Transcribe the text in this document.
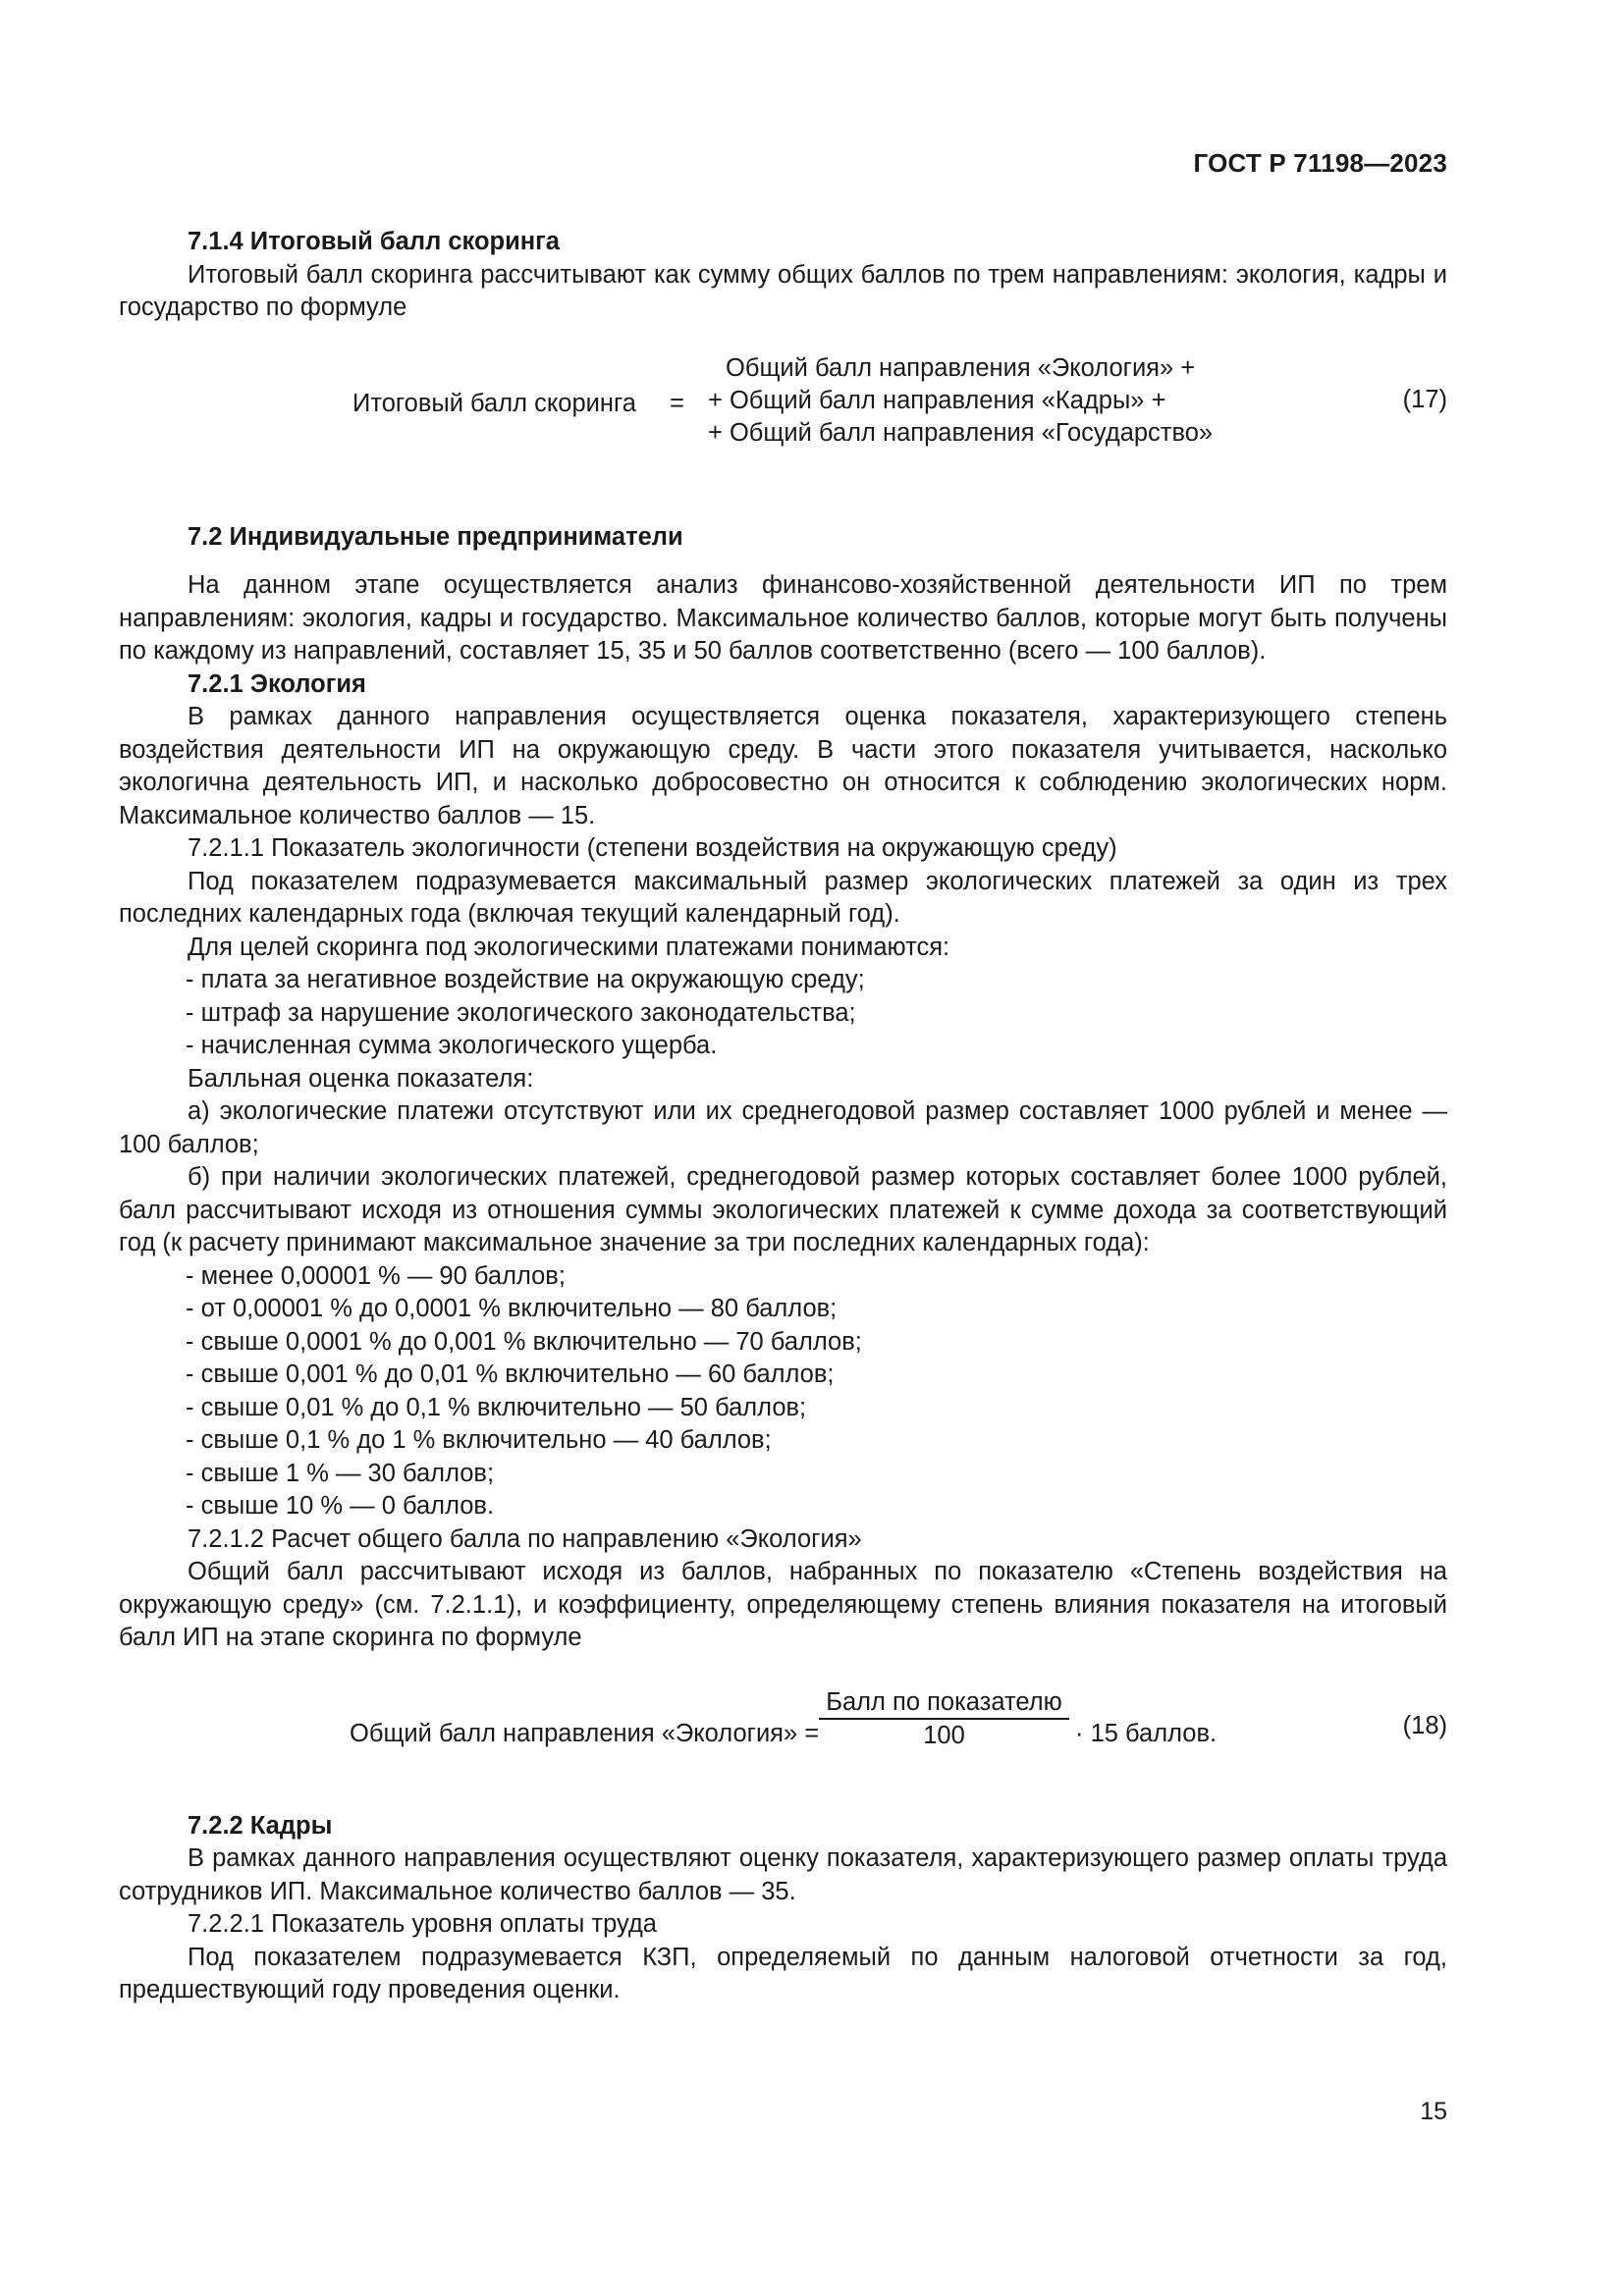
ГОСТ Р 71198—2023

7.1.4 Итоговый балл скоринга

Итоговый балл скоринга рассчитывают как сумму общих баллов по трем направлениям: экология, кадры и государство по формуле

Итоговый балл скоринга =
Общий балл направления «Экология» +
+ Общий балл направления «Кадры» +
+ Общий балл направления «Государство»
(17)

7.2 Индивидуальные предприниматели

На данном этапе осуществляется анализ финансово-хозяйственной деятельности ИП по трем направлениям: экология, кадры и государство. Максимальное количество баллов, которые могут быть получены по каждому из направлений, составляет 15, 35 и 50 баллов соответственно (всего — 100 баллов).

7.2.1 Экология

В рамках данного направления осуществляется оценка показателя, характеризующего степень воздействия деятельности ИП на окружающую среду. В части этого показателя учитывается, насколько экологична деятельность ИП, и насколько добросовестно он относится к соблюдению экологических норм. Максимальное количество баллов — 15.

7.2.1.1 Показатель экологичности (степени воздействия на окружающую среду)

Под показателем подразумевается максимальный размер экологических платежей за один из трех последних календарных года (включая текущий календарный год).

Для целей скоринга под экологическими платежами понимаются:

- плата за негативное воздействие на окружающую среду;

- штраф за нарушение экологического законодательства;

- начисленная сумма экологического ущерба.

Балльная оценка показателя:

а) экологические платежи отсутствуют или их среднегодовой размер составляет 1000 рублей и менее — 100 баллов;

б) при наличии экологических платежей, среднегодовой размер которых составляет более 1000 рублей, балл рассчитывают исходя из отношения суммы экологических платежей к сумме дохода за соответствующий год (к расчету принимают максимальное значение за три последних календарных года):

- менее 0,00001 % — 90 баллов;

- от 0,00001 % до 0,0001 % включительно — 80 баллов;

- свыше 0,0001 % до 0,001 % включительно — 70 баллов;

- свыше 0,001 % до 0,01 % включительно — 60 баллов;

- свыше 0,01 % до 0,1 % включительно — 50 баллов;

- свыше 0,1 % до 1 % включительно — 40 баллов;

- свыше 1 % — 30 баллов;

- свыше 10 % — 0 баллов.

7.2.1.2 Расчет общего балла по направлению «Экология»

Общий балл рассчитывают исходя из баллов, набранных по показателю «Степень воздействия на окружающую среду» (см. 7.2.1.1), и коэффициенту, определяющему степень влияния показателя на итоговый балл ИП на этапе скоринга по формуле

Общий балл направления «Экология» =
Балл по показателю
100	· 15 баллов.	(18)

7.2.2 Кадры

В рамках данного направления осуществляют оценку показателя, характеризующего размер оплаты труда сотрудников ИП. Максимальное количество баллов — 35.

7.2.2.1 Показатель уровня оплаты труда

Под показателем подразумевается КЗП, определяемый по данным налоговой отчетности за год, предшествующий году проведения оценки.

15
